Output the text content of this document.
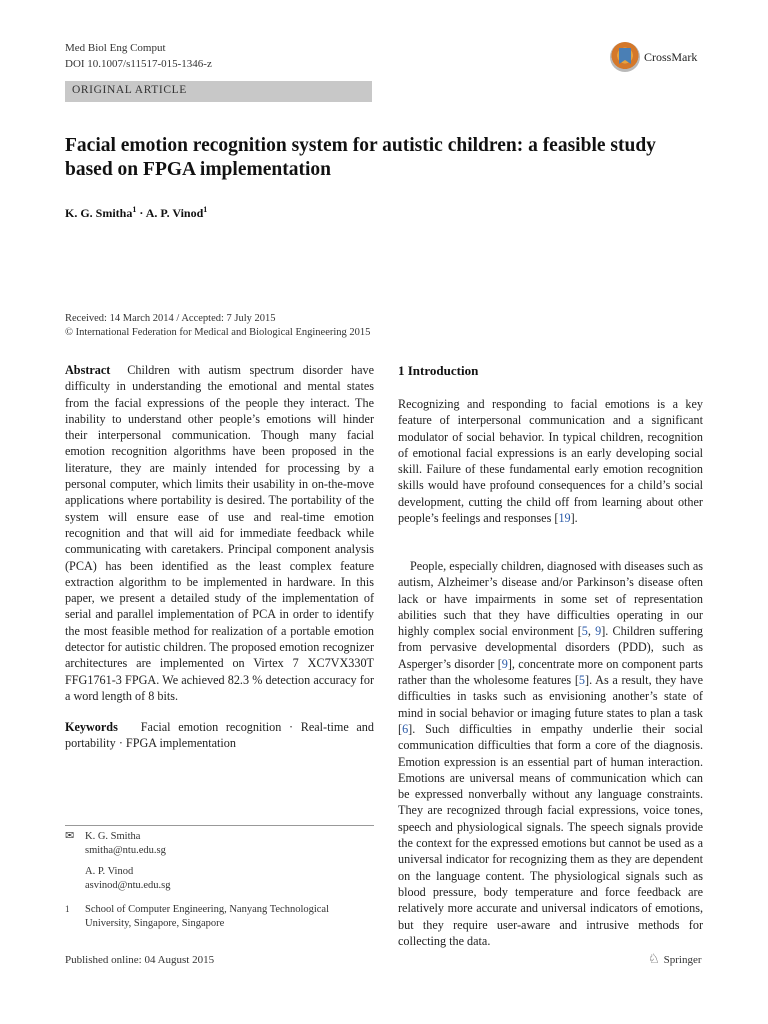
Med Biol Eng Comput
DOI 10.1007/s11517-015-1346-z	CrossMark
ORIGINAL ARTICLE
Facial emotion recognition system for autistic children: a feasible study based on FPGA implementation
K. G. Smitha$^1$ · A. P. Vinod$^1$
Received: 14 March 2014 / Accepted: 7 July 2015
© International Federation for Medical and Biological Engineering 2015
Abstract Children with autism spectrum disorder have difficulty in understanding the emotional and mental states from the facial expressions of the people they interact. The inability to understand other people’s emotions will hinder their interpersonal communication. Though many facial emotion recognition algorithms have been proposed in the literature, they are mainly intended for processing by a personal computer, which limits their usability in on-the-move applications where portability is desired. The portability of the system will ensure ease of use and real-time emotion recognition and that will aid for immediate feedback while communicating with caretakers. Principal component analysis (PCA) has been identified as the least complex feature extraction algorithm to be implemented in hardware. In this paper, we present a detailed study of the implementation of serial and parallel implementation of PCA in order to identify the most feasible method for realization of a portable emotion detector for autistic children. The proposed emotion recognizer architectures are implemented on Virtex 7 XC7VX330T FFG1761-3 FPGA. We achieved 82.3 % detection accuracy for a word length of 8 bits.
Keywords Facial emotion recognition · Real-time and portability · FPGA implementation
1 Introduction
Recognizing and responding to facial emotions is a key feature of interpersonal communication and a significant modulator of social behavior. In typical children, recognition of emotional facial expressions is an early developing social skill. Failure of these fundamental early emotion recognition skills would have profound consequences for a child’s social development, cutting the child off from learning about other people’s feelings and responses [19].
People, especially children, diagnosed with diseases such as autism, Alzheimer’s disease and/or Parkinson’s disease often lack or have impairments in some set of representation abilities such that they have difficulties operating in our highly complex social environment [5, 9]. Children suffering from pervasive developmental disorders (PDD), such as Asperger’s disorder [9], concentrate more on component parts rather than the wholesome features [5]. As a result, they have difficulties in tasks such as envisioning another’s state of mind in social behavior or imaging future states to plan a task [6]. Such difficulties in empathy underlie their social communication difficulties that form a core of the diagnosis. Emotion expression is an essential part of human interaction. Emotions are universal means of communication which can be expressed nonverbally without any language constraints. They are recognized through facial expressions, voice tones, speech and physiological signals. The speech signals provide the context for the expressed emotions but cannot be used as a universal indicator for recognizing them as they are dependent on the language content. The physiological signals such as blood pressure, body temperature and force feedback are relatively more accurate and universal indicators of emotions, but they require user-aware and intrusive methods for collecting the data.
✉ K. G. Smitha
smitha@ntu.edu.sg
A. P. Vinod
asvinod@ntu.edu.sg
1 School of Computer Engineering, Nanyang Technological University, Singapore, Singapore
Published online: 04 August 2015	♘ Springer
